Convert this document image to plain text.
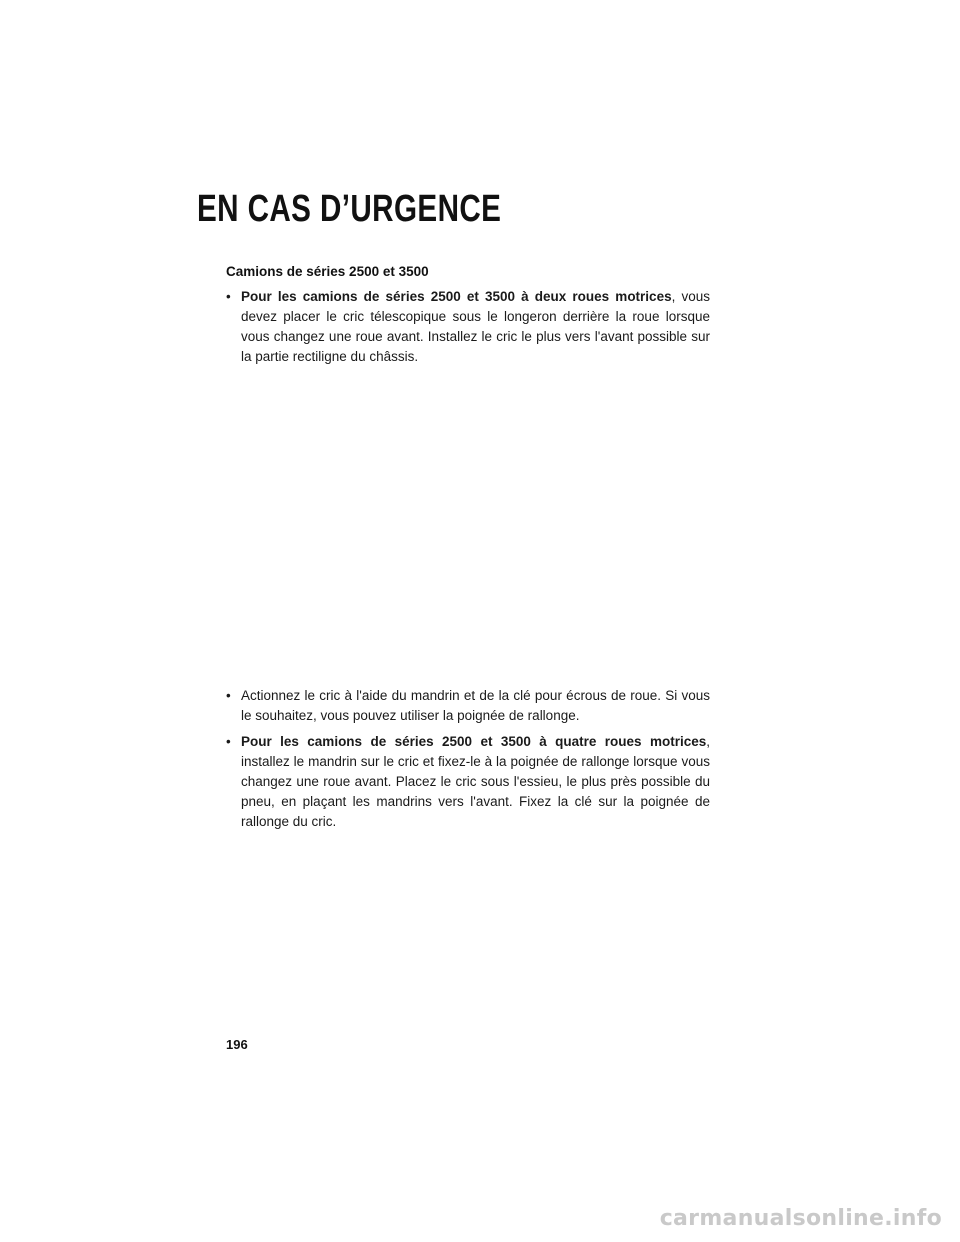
EN CAS D’URGENCE

Camions de séries 2500 et 3500

• Pour les camions de séries 2500 et 3500 à deux roues motrices, vous devez placer le cric télescopique sous le longeron derrière la roue lorsque vous changez une roue avant. Installez le cric le plus vers l'avant possible sur la partie rectiligne du châssis.

• Actionnez le cric à l'aide du mandrin et de la clé pour écrous de roue. Si vous le souhaitez, vous pouvez utiliser la poignée de rallonge.

• Pour les camions de séries 2500 et 3500 à quatre roues motrices, installez le mandrin sur le cric et fixez-le à la poignée de rallonge lorsque vous changez une roue avant. Placez le cric sous l'essieu, le plus près possible du pneu, en plaçant les mandrins vers l'avant. Fixez la clé sur la poignée de rallonge du cric.

196

carmanualsonline.info
